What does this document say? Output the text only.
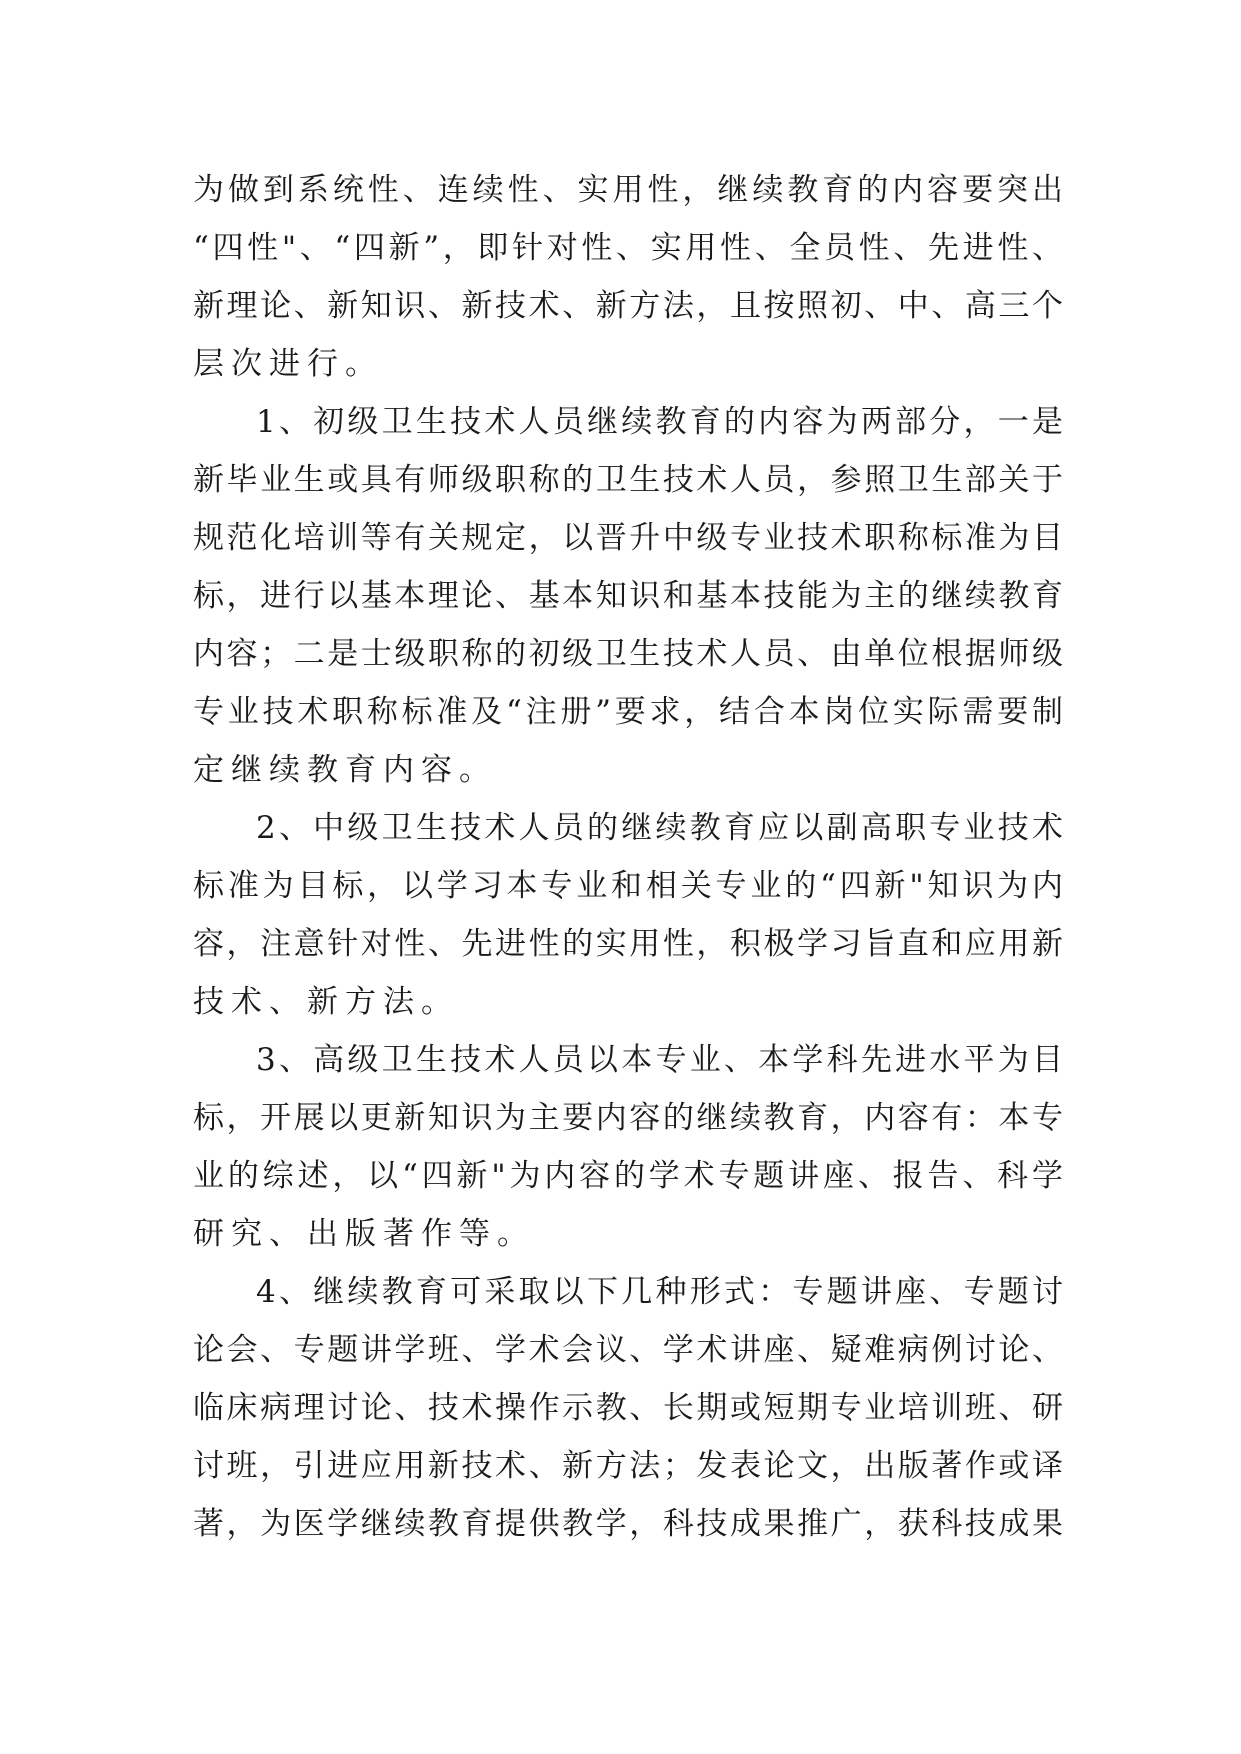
为做到系统性、连续性、实用性，继续教育的内容要突出
“四性"、“四新”，即针对性、实用性、全员性、先进性、
新理论、新知识、新技术、新方法，且按照初、中、高三个
层次进行。
1、初级卫生技术人员继续教育的内容为两部分，一是
新毕业生或具有师级职称的卫生技术人员，参照卫生部关于
规范化培训等有关规定，以晋升中级专业技术职称标准为目
标，进行以基本理论、基本知识和基本技能为主的继续教育
内容；二是士级职称的初级卫生技术人员、由单位根据师级
专业技术职称标准及“注册”要求，结合本岗位实际需要制
定继续教育内容。
2、中级卫生技术人员的继续教育应以副高职专业技术
标准为目标，以学习本专业和相关专业的“四新"知识为内
容，注意针对性、先进性的实用性，积极学习旨直和应用新
技术、新方法。
3、高级卫生技术人员以本专业、本学科先进水平为目
标，开展以更新知识为主要内容的继续教育，内容有：本专
业的综述，以“四新"为内容的学术专题讲座、报告、科学
研究、出版著作等。
4、继续教育可采取以下几种形式：专题讲座、专题讨
论会、专题讲学班、学术会议、学术讲座、疑难病例讨论、
临床病理讨论、技术操作示教、长期或短期专业培训班、研
讨班，引进应用新技术、新方法；发表论文，出版著作或译
著，为医学继续教育提供教学，科技成果推广，获科技成果
